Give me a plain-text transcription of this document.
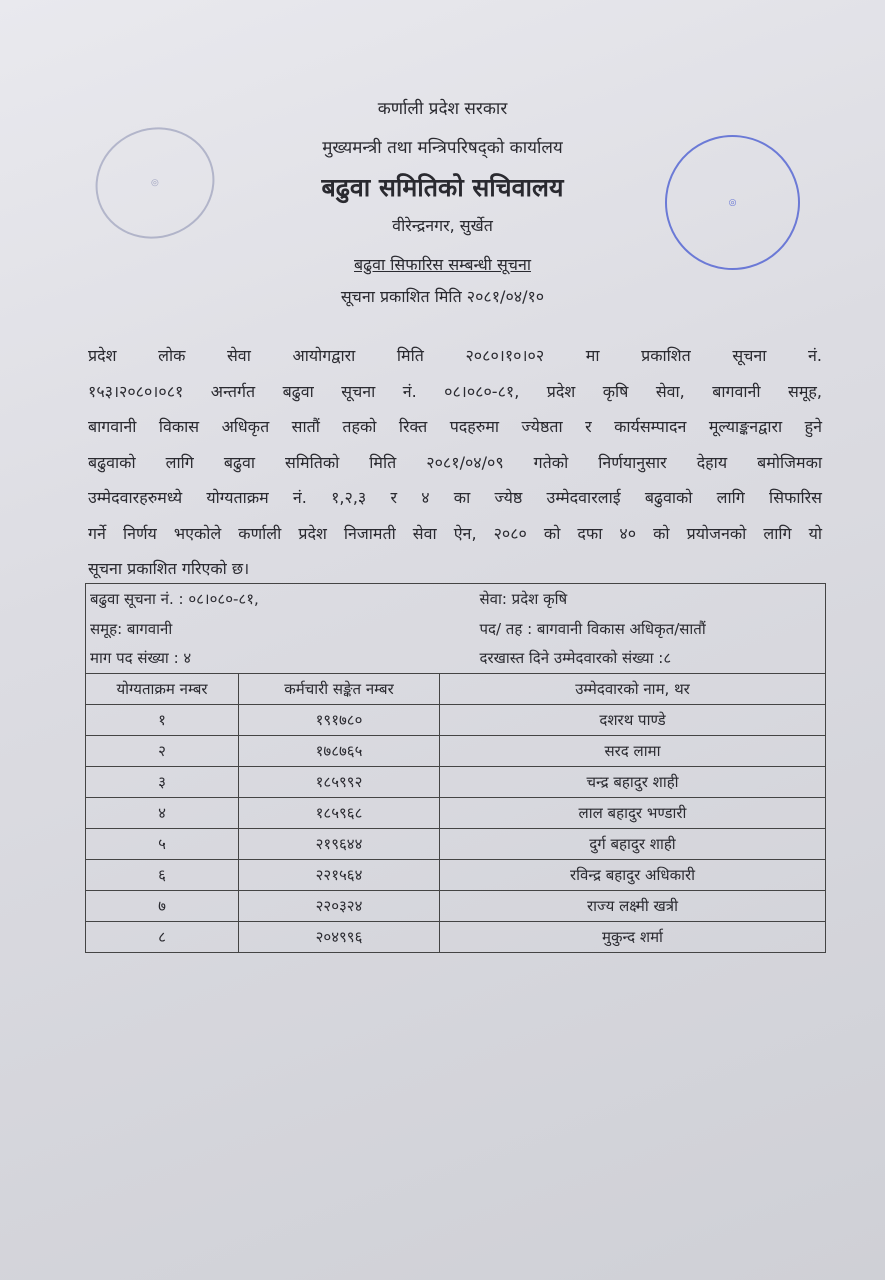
कर्णाली प्रदेश सरकार
मुख्यमन्त्री तथा मन्त्रिपरिषद्‌को कार्यालय
बढुवा समितिको सचिवालय
वीरेन्द्रनगर, सुर्खेत
बढुवा सिफारिस सम्बन्धी सूचना
सूचना प्रकाशित मिति २०८१/०४/१०
◎
◎
प्रदेश लोक सेवा आयोगद्वारा मिति २०८०।१०।०२ मा प्रकाशित सूचना नं.
१५३।२०८०।०८१ अन्तर्गत बढुवा सूचना नं. ०८।०८०-८१, प्रदेश कृषि सेवा, बागवानी समूह,
बागवानी विकास अधिकृत सातौं तहको रिक्त पदहरुमा ज्येष्ठता र कार्यसम्पादन मूल्याङ्कनद्वारा हुने
बढुवाको लागि बढुवा समितिको मिति २०८१/०४/०९ गतेको निर्णयानुसार देहाय बमोजिमका
उम्मेदवारहरुमध्ये योग्यताक्रम नं. १,२,३ र ४ का ज्येष्ठ उम्मेदवारलाई बढुवाको लागि सिफारिस
गर्ने निर्णय भएकोले कर्णाली प्रदेश निजामती सेवा ऐन, २०८० को दफा ४० को प्रयोजनको लागि यो
सूचना प्रकाशित गरिएको छ।
बढुवा सूचना नं. : ०८।०८०-८१,		सेवा: प्रदेश कृषि
समूह: बागवानी		पद/ तह : बागवानी विकास अधिकृत/सातौं
माग पद संख्या : ४		दरखास्त दिने उम्मेदवारको संख्या :८
योग्यताक्रम नम्बर	कर्मचारी सङ्केत नम्बर	उम्मेदवारको नाम, थर
१	१९१७८०	दशरथ पाण्डे
२	१७८७६५	सरद लामा
३	१८५९९२	चन्द्र बहादुर शाही
४	१८५९६८	लाल बहादुर भण्डारी
५	२१९६४४	दुर्ग बहादुर शाही
६	२२१५६४	रविन्द्र बहादुर अधिकारी
७	२२०३२४	राज्य लक्ष्मी खत्री
८	२०४९९६	मुकुन्द शर्मा
